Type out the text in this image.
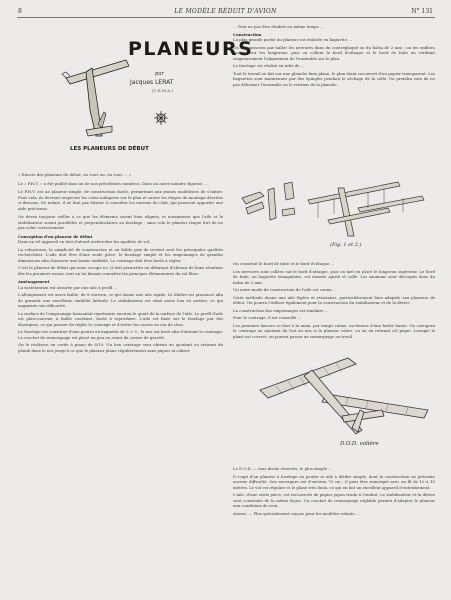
8	LE MODÈLE RÉDUIT D'AVION	N° 131
PLANEURS
par
Jacques LERAT
(C.E.M.A.)
LES PLANEURS DE DÉBUT

« Encore des planeurs de début, en voici un, en voici ... »

Le « P.H.V. » a été publié dans un de nos précédents numéros. Dans un autre numéro figurait ...

Le P.H.V. est un planeur simple, de construction facile, permettant aux jeunes modélistes de s'initier. Pour cela, ils devront respecter les cotes indiquées sur le plan et suivre les étapes de montage décrites ci-dessous. De même, il ne faut pas hésiter à consulter les anciens du club, qui pourront apporter une aide précieuse.

On devra toujours veiller à ce que les éléments soient bien alignés, et notamment que l'aile et le stabilisateur soient parallèles et perpendiculaires au fuselage ; sans cela le planeur risque fort de ne pas voler correctement.

Conception d'un planeur de début

Dans un tel appareil on doit d'abord rechercher les qualités de vol...

La robustesse, la simplicité de construction et un faible prix de revient sont les principales qualités recherchées. L'aile doit être d'une seule pièce, le fuselage simple et les empennages de grandes dimensions afin d'assurer une bonne stabilité. Le centrage doit être facile à régler.

C'est le planeur de début qui nous occupe ici. Il doit permettre au débutant d'obtenir de bons résultats dès les premiers essais, tout en lui faisant connaître les principes élémentaires du vol libre.

Aménagement

La sustentation est assurée par une aile à profil ...

L'allongement est assez faible, de 8 environ, ce qui donne une aile rigide. Le dièdre est prononcé afin de garantir une excellente stabilité latérale. Le stabilisateur est situé assez loin en arrière, ce qui augmente son efficacité.

La surface de l'empennage horizontal représente environ le quart de la surface de l'aile. Le profil d'aile est plan-convexe, à faible courbure, facile à reproduire. L'aile est fixée sur le fuselage par des élastiques, ce qui permet de régler le centrage et d'éviter les casses en cas de choc.

Le fuselage est constitué d'une poutre en baguette de 5 × 5 ; le nez est lesté afin d'obtenir le centrage. Le crochet de remorquage est placé un peu en avant du centre de gravité.

On le réalisera en corde à piano de 8/10. Un bon centrage sera obtenu en ajoutant ou retirant du plomb dans le nez jusqu'à ce que le planeur plane régulièrement sans piquer ni cabrer.

... Peut ne pas être étudiée en même temps ...

Construction

La plus grande partie du planeur est réalisée en baguette ...

On commencera par tailler les nervures dans du contreplaqué ou du balsa de 2 mm ; on les enfilera ensuite sur les longerons, puis on collera le bord d'attaque et le bord de fuite en vérifiant soigneusement l'alignement de l'ensemble sur le plan.

Le fuselage est réalisé en tube de ...

Tout le travail se fait sur une planche bien plane, le plan étant recouvert d'un papier transparent. Les baguettes sont maintenues par des épingles pendant le séchage de la colle. On prendra soin de ne pas déformer l'ensemble en le retirant de la planche.

(Fig. 1 et 2.)

On construit le bord de fuite et le bord d'attaque ...

Les nervures sont collées sur le bord d'attaque, puis on met en place le longeron supérieur. Le bord de fuite, en baguette triangulaire, est ensuite ajusté et collé. Les saumons sont découpés dans du balsa de 3 mm.

Un autre mode de construction de l'aile est connu ...

Cette méthode donne une aile légère et résistante, particulièrement bien adaptée aux planeurs de début. On pourra l'utiliser également pour la construction du stabilisateur et de la dérive.

La construction des empennages est similaire ...

Pour le centrage, il est conseillé ...

Les premiers lancers se font à la main, par temps calme, au-dessus d'une herbe haute. On corrigera le centrage en ajoutant du lest au nez si le planeur cabre, ou en en retirant s'il pique. Lorsque le plané est correct, on pourra passer au remorquage au treuil.

D.O.D. volière

Le D.O.D. — tous droits réservés, le plus simple ...

Il s'agit d'un planeur à fuselage en poutre et aile à dièdre simple, dont la construction ne présente aucune difficulté. Son envergure est d'environ 70 cm ; il peut être remorqué avec un fil de 10 à 15 mètres. Le vol est régulier et le plané très doux, ce qui en fait un excellent appareil d'entraînement.

L'aile, d'une seule pièce, est recouverte de papier japon tendu à l'enduit. Le stabilisateur et la dérive sont construits de la même façon. Un crochet de remorquage réglable permet d'adapter le planeur aux conditions de vent.

Avions. — Plus spécialement conçus pour les modèles volants ...
